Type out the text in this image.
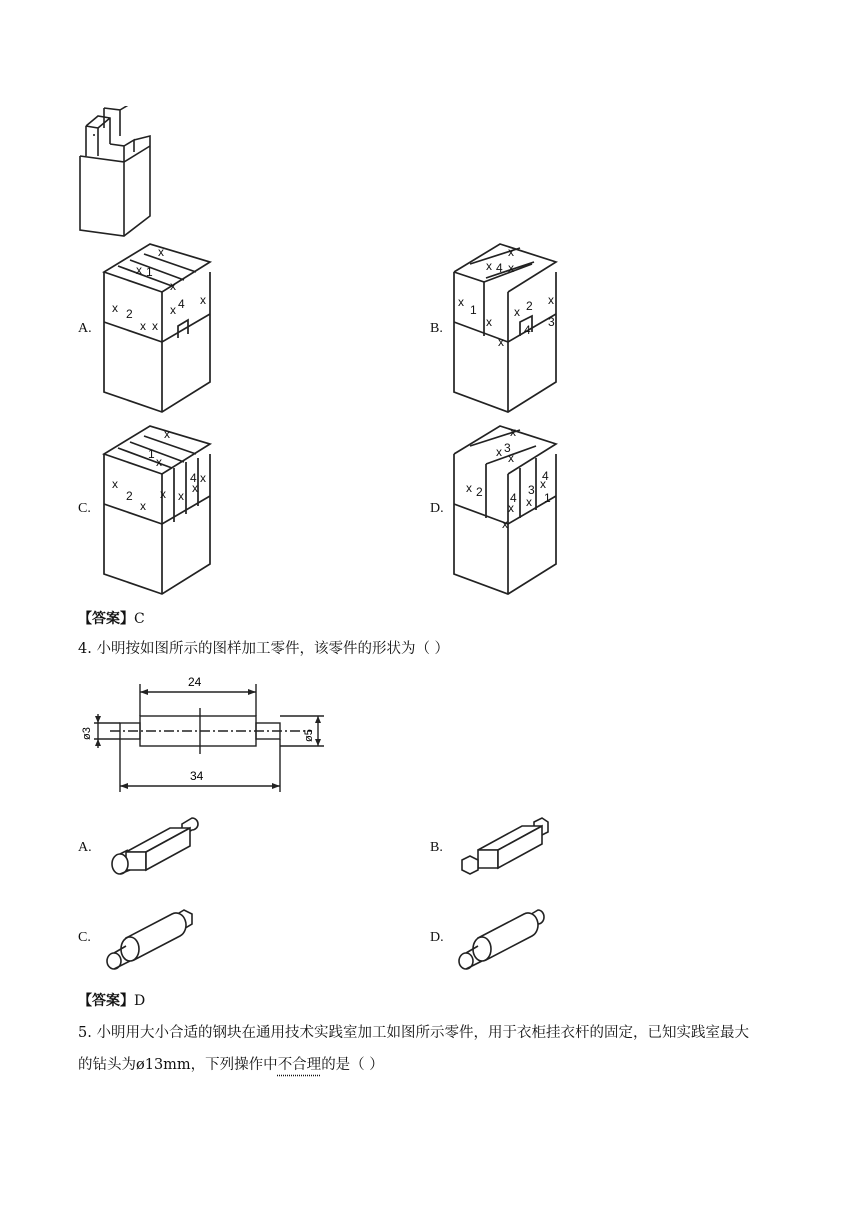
A.
x 2
x
x 4
x 1
x
x
x
x	B.
x
1
x
x 2
x 4 x
x
x
4
x
3
C.
x
2
x
x
1
x x
4
x
x
x
D.
x 2 4
x
3
x
4
x
1
x
x 3
x
x
【答案】C
4. 小明按如图所示的图样加工零件，该零件的形状为（ ）
24
34
ø3	ø5
A.	B.
C.	D.
【答案】D
5. 小明用大小合适的钢块在通用技术实践室加工如图所示零件，用于衣柜挂衣杆的固定，已知实践室最大
的钻头为ø13mm，下列操作中不合理的是（ ）
